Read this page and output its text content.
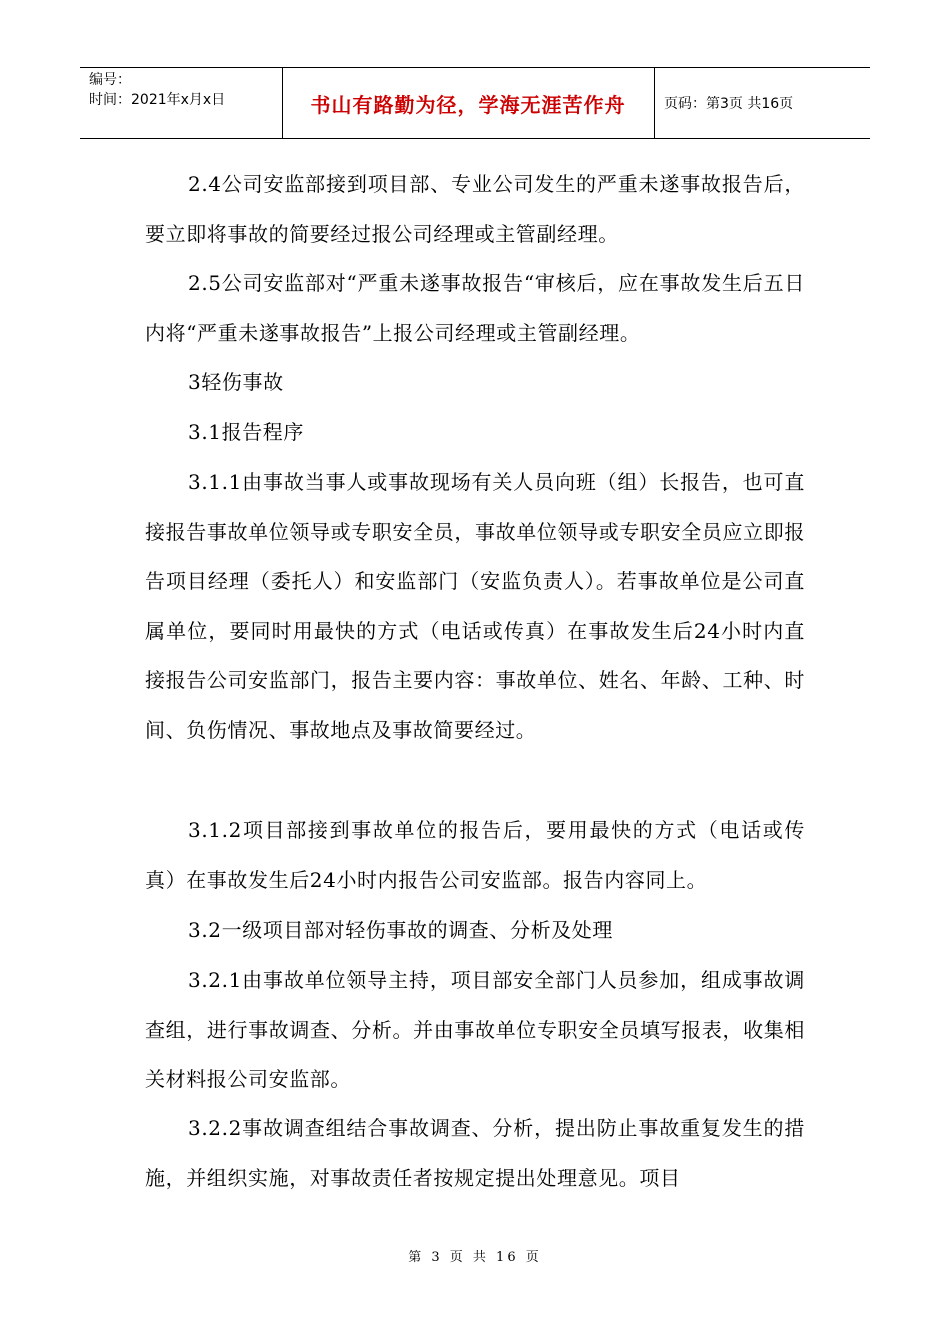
编号：
时间：2021年x月x日	书山有路勤为径，学海无涯苦作舟	页码：第3页 共16页

2.4公司安监部接到项目部、专业公司发生的严重未遂事故报告后，要立即将事故的简要经过报公司经理或主管副经理。

2.5公司安监部对“严重未遂事故报告“审核后，应在事故发生后五日内将“严重未遂事故报告”上报公司经理或主管副经理。

3轻伤事故

3.1报告程序

3.1.1由事故当事人或事故现场有关人员向班（组）长报告，也可直接报告事故单位领导或专职安全员，事故单位领导或专职安全员应立即报告项目经理（委托人）和安监部门（安监负责人）。若事故单位是公司直属单位，要同时用最快的方式（电话或传真）在事故发生后24小时内直接报告公司安监部门，报告主要内容：事故单位、姓名、年龄、工种、时间、负伤情况、事故地点及事故简要经过。

3.1.2项目部接到事故单位的报告后，要用最快的方式（电话或传真）在事故发生后24小时内报告公司安监部。报告内容同上。

3.2一级项目部对轻伤事故的调查、分析及处理

3.2.1由事故单位领导主持，项目部安全部门人员参加，组成事故调查组，进行事故调查、分析。并由事故单位专职安全员填写报表，收集相关材料报公司安监部。

3.2.2事故调查组结合事故调查、分析，提出防止事故重复发生的措施，并组织实施，对事故责任者按规定提出处理意见。项目

第 3 页 共 16 页
